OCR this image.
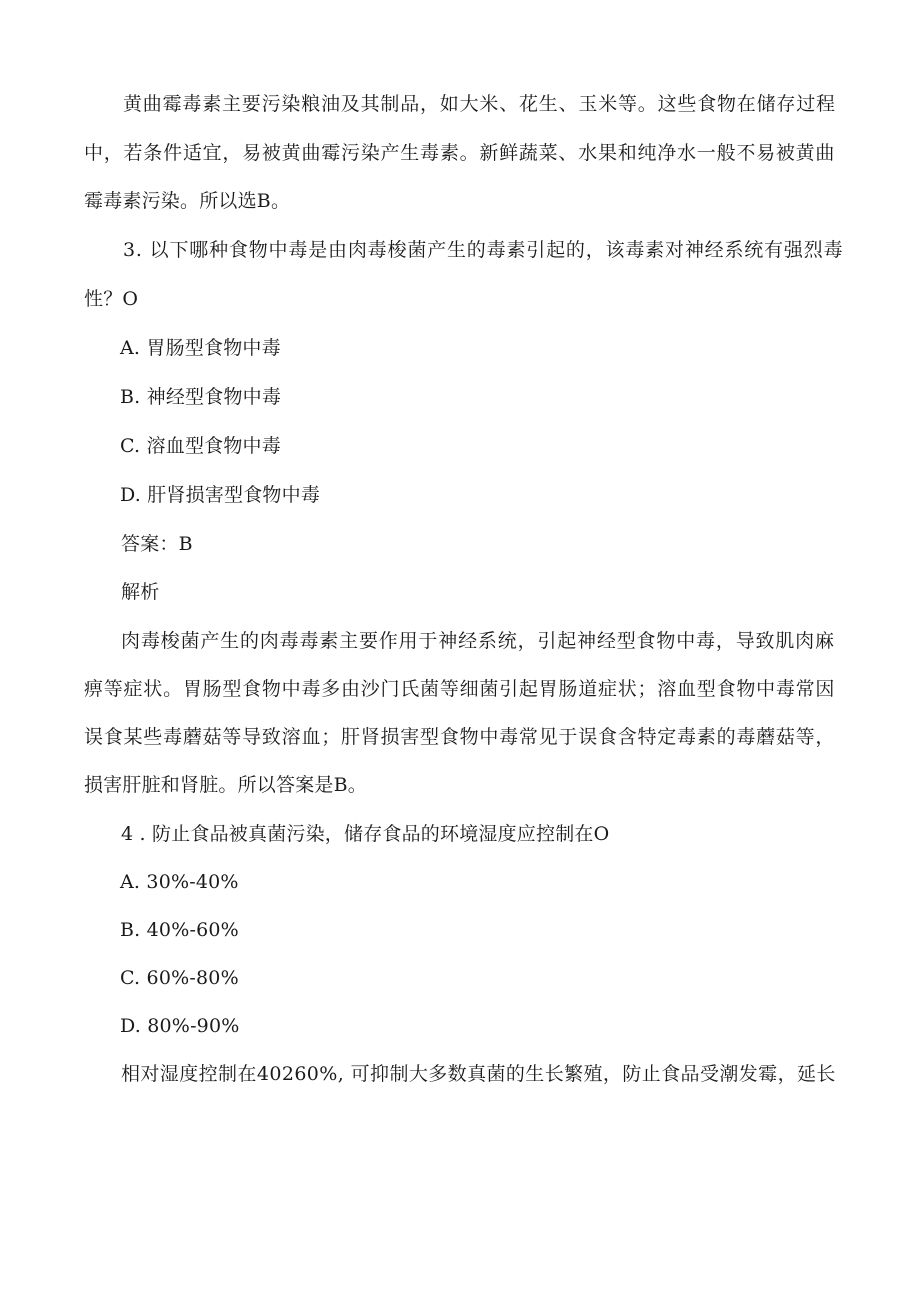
黄曲霉毒素主要污染粮油及其制品，如大米、花生、玉米等。这些食物在储存过程
中，若条件适宜，易被黄曲霉污染产生毒素。新鲜蔬菜、水果和纯净水一般不易被黄曲
霉毒素污染。所以选B。
3. 以下哪种食物中毒是由肉毒梭菌产生的毒素引起的，该毒素对神经系统有强烈毒
性？O
A. 胃肠型食物中毒
B. 神经型食物中毒
C. 溶血型食物中毒
D. 肝肾损害型食物中毒
答案：B
解析
肉毒梭菌产生的肉毒毒素主要作用于神经系统，引起神经型食物中毒，导致肌肉麻
痹等症状。胃肠型食物中毒多由沙门氏菌等细菌引起胃肠道症状；溶血型食物中毒常因
误食某些毒蘑菇等导致溶血；肝肾损害型食物中毒常见于误食含特定毒素的毒蘑菇等，
损害肝脏和肾脏。所以答案是B。
4 . 防止食品被真菌污染，储存食品的环境湿度应控制在O
A. 30%-40%
B. 40%-60%
C. 60%-80%
D. 80%-90%
相对湿度控制在40260%, 可抑制大多数真菌的生长繁殖，防止食品受潮发霉，延长
